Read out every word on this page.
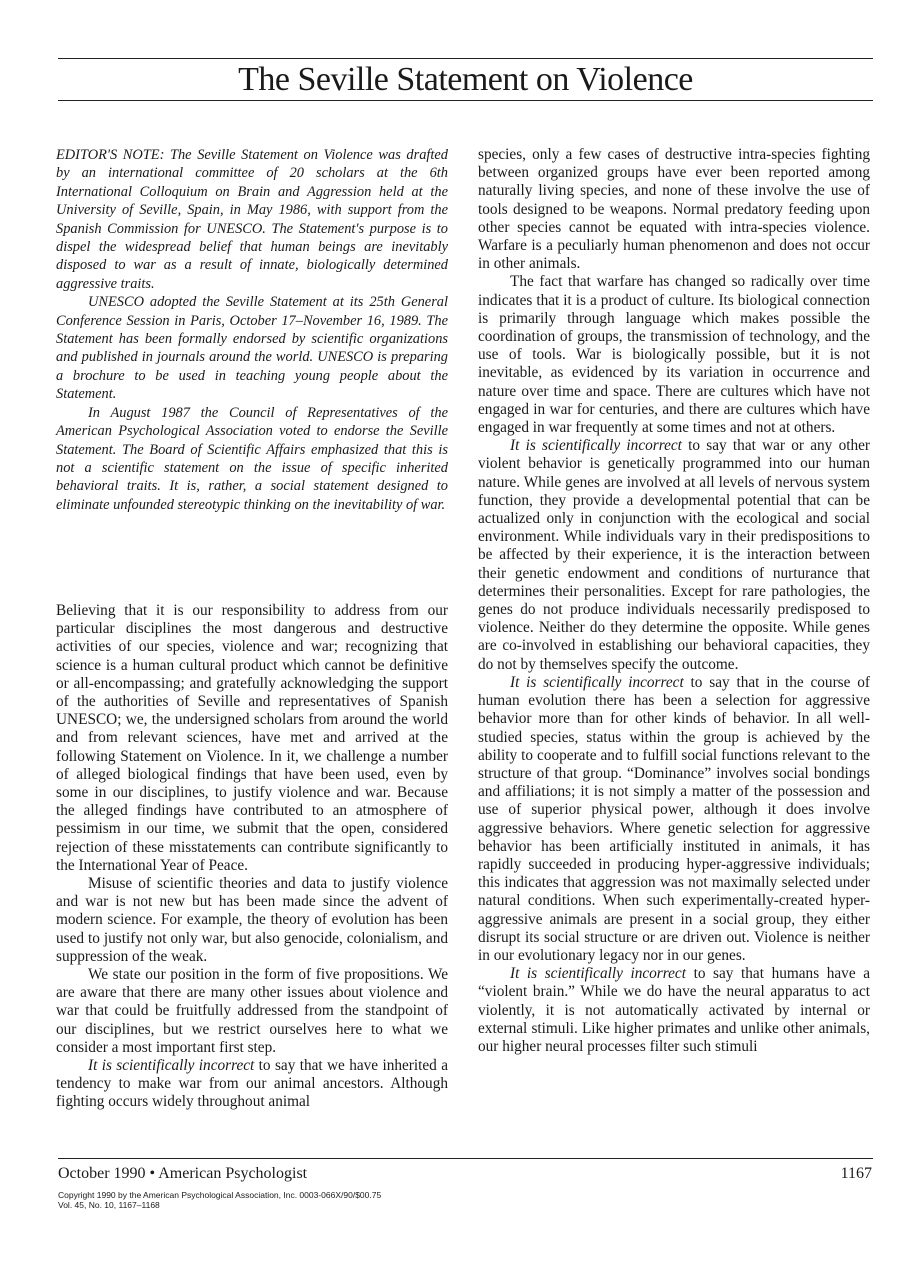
The Seville Statement on Violence

EDITOR'S NOTE: The Seville Statement on Violence was drafted by an international committee of 20 scholars at the 6th International Colloquium on Brain and Aggression held at the University of Seville, Spain, in May 1986, with support from the Spanish Commission for UNESCO. The Statement's purpose is to dispel the widespread belief that human beings are inevitably disposed to war as a result of innate, biologically determined aggressive traits.

UNESCO adopted the Seville Statement at its 25th General Conference Session in Paris, October 17–November 16, 1989. The Statement has been formally endorsed by scientific organizations and published in journals around the world. UNESCO is preparing a brochure to be used in teaching young people about the Statement.

In August 1987 the Council of Representatives of the American Psychological Association voted to endorse the Seville Statement. The Board of Scientific Affairs emphasized that this is not a scientific statement on the issue of specific inherited behavioral traits. It is, rather, a social statement designed to eliminate unfounded stereotypic thinking on the inevitability of war.

Believing that it is our responsibility to address from our particular disciplines the most dangerous and destructive activities of our species, violence and war; recognizing that science is a human cultural product which cannot be definitive or all-encompassing; and gratefully acknowledging the support of the authorities of Seville and representatives of Spanish UNESCO; we, the undersigned scholars from around the world and from relevant sciences, have met and arrived at the following Statement on Violence. In it, we challenge a number of alleged biological findings that have been used, even by some in our disciplines, to justify violence and war. Because the alleged findings have contributed to an atmosphere of pessimism in our time, we submit that the open, considered rejection of these misstatements can contribute significantly to the International Year of Peace.

Misuse of scientific theories and data to justify violence and war is not new but has been made since the advent of modern science. For example, the theory of evolution has been used to justify not only war, but also genocide, colonialism, and suppression of the weak.

We state our position in the form of five propositions. We are aware that there are many other issues about violence and war that could be fruitfully addressed from the standpoint of our disciplines, but we restrict ourselves here to what we consider a most important first step.

It is scientifically incorrect to say that we have inherited a tendency to make war from our animal ancestors. Although fighting occurs widely throughout animal

species, only a few cases of destructive intra-species fighting between organized groups have ever been reported among naturally living species, and none of these involve the use of tools designed to be weapons. Normal predatory feeding upon other species cannot be equated with intra-species violence. Warfare is a peculiarly human phenomenon and does not occur in other animals.

The fact that warfare has changed so radically over time indicates that it is a product of culture. Its biological connection is primarily through language which makes possible the coordination of groups, the transmission of technology, and the use of tools. War is biologically possible, but it is not inevitable, as evidenced by its variation in occurrence and nature over time and space. There are cultures which have not engaged in war for centuries, and there are cultures which have engaged in war frequently at some times and not at others.

It is scientifically incorrect to say that war or any other violent behavior is genetically programmed into our human nature. While genes are involved at all levels of nervous system function, they provide a developmental potential that can be actualized only in conjunction with the ecological and social environment. While individuals vary in their predispositions to be affected by their experience, it is the interaction between their genetic endowment and conditions of nurturance that determines their personalities. Except for rare pathologies, the genes do not produce individuals necessarily predisposed to violence. Neither do they determine the opposite. While genes are co-involved in establishing our behavioral capacities, they do not by themselves specify the outcome.

It is scientifically incorrect to say that in the course of human evolution there has been a selection for aggressive behavior more than for other kinds of behavior. In all well-studied species, status within the group is achieved by the ability to cooperate and to fulfill social functions relevant to the structure of that group. “Dominance” involves social bondings and affiliations; it is not simply a matter of the possession and use of superior physical power, although it does involve aggressive behaviors. Where genetic selection for aggressive behavior has been artificially instituted in animals, it has rapidly succeeded in producing hyper-aggressive individuals; this indicates that aggression was not maximally selected under natural conditions. When such experimentally-created hyper-aggressive animals are present in a social group, they either disrupt its social structure or are driven out. Violence is neither in our evolutionary legacy nor in our genes.

It is scientifically incorrect to say that humans have a “violent brain.” While we do have the neural apparatus to act violently, it is not automatically activated by internal or external stimuli. Like higher primates and unlike other animals, our higher neural processes filter such stimuli

October 1990 • American Psychologist	1167
Copyright 1990 by the American Psychological Association, Inc. 0003-066X/90/$00.75
Vol. 45, No. 10, 1167–1168
